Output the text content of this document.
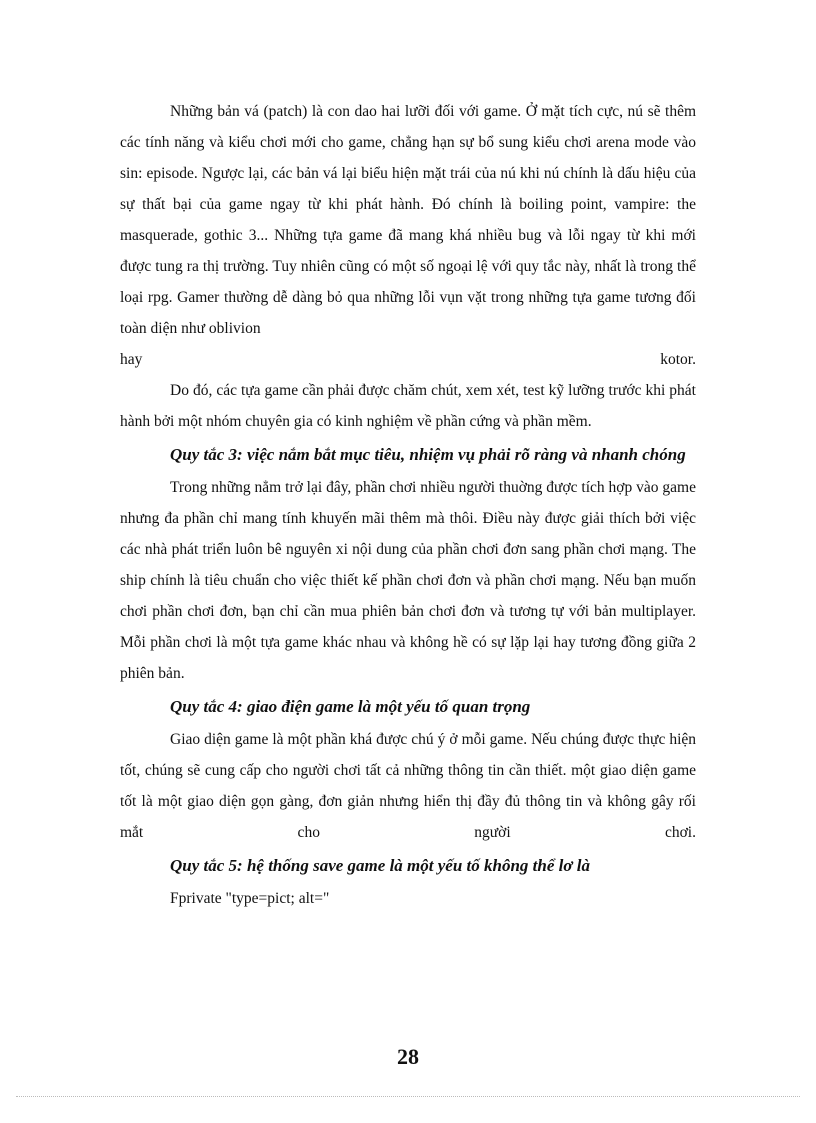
Những bản vá (patch) là con dao hai lưỡi đối với game. Ở mặt tích cực, nú sẽ thêm các tính năng và kiểu chơi mới cho game, chẳng hạn sự bổ sung kiểu chơi arena mode vào sin: episode. Ngược lại, các bản vá lại biểu hiện mặt trái của nú khi nú chính là dấu hiệu của sự thất bại của game ngay từ khi phát hành. Đó chính là boiling point, vampire: the masquerade, gothic 3... Những tựa game đã mang khá nhiều bug và lỗi ngay từ khi mới được tung ra thị trường. Tuy nhiên cũng có một số ngoại lệ với quy tắc này, nhất là trong thể loại rpg. Gamer thường dễ dàng bỏ qua những lỗi vụn vặt trong những tựa game tương đối toàn diện như oblivion

hay	kotor.

Do đó, các tựa game cần phải được chăm chút, xem xét, test kỹ lưỡng trước khi phát hành bởi một nhóm chuyên gia có kinh nghiệm về phần cứng và phần mềm.

Quy tắc 3: việc nắm bắt mục tiêu, nhiệm vụ phải rõ ràng và nhanh chóng

Trong những nẳm trở lại đây, phần chơi nhiều người thuờng được tích hợp vào game nhưng đa phần chỉ mang tính khuyến mãi thêm mà thôi. Điều này được giải thích bởi việc các nhà phát triển luôn bê nguyên xi nội dung của phần chơi đơn sang phần chơi mạng. The ship chính là tiêu chuẩn cho việc thiết kế phần chơi đơn và phần chơi mạng. Nếu bạn muốn chơi phần chơi đơn, bạn chỉ cần mua phiên bản chơi đơn và tương tự với bản multiplayer. Mỗi phần chơi là một tựa game khác nhau và không hề có sự lặp lại hay tương đồng giữa 2 phiên bản.

Quy tắc 4: giao điện game là một yếu tố quan trọng

Giao diện game là một phần khá được chú ý ở mỗi game. Nếu chúng được thực hiện tốt, chúng sẽ cung cấp cho người chơi tất cả những thông tin cần thiết. một giao diện game tốt là một giao diện gọn gàng, đơn giản nhưng hiển thị đầy đủ thông tin và không gây rối mắt cho người chơi.

Quy tắc 5: hệ thống save game là một yếu tố không thể lơ là

Fprivate "type=pict; alt="

28
